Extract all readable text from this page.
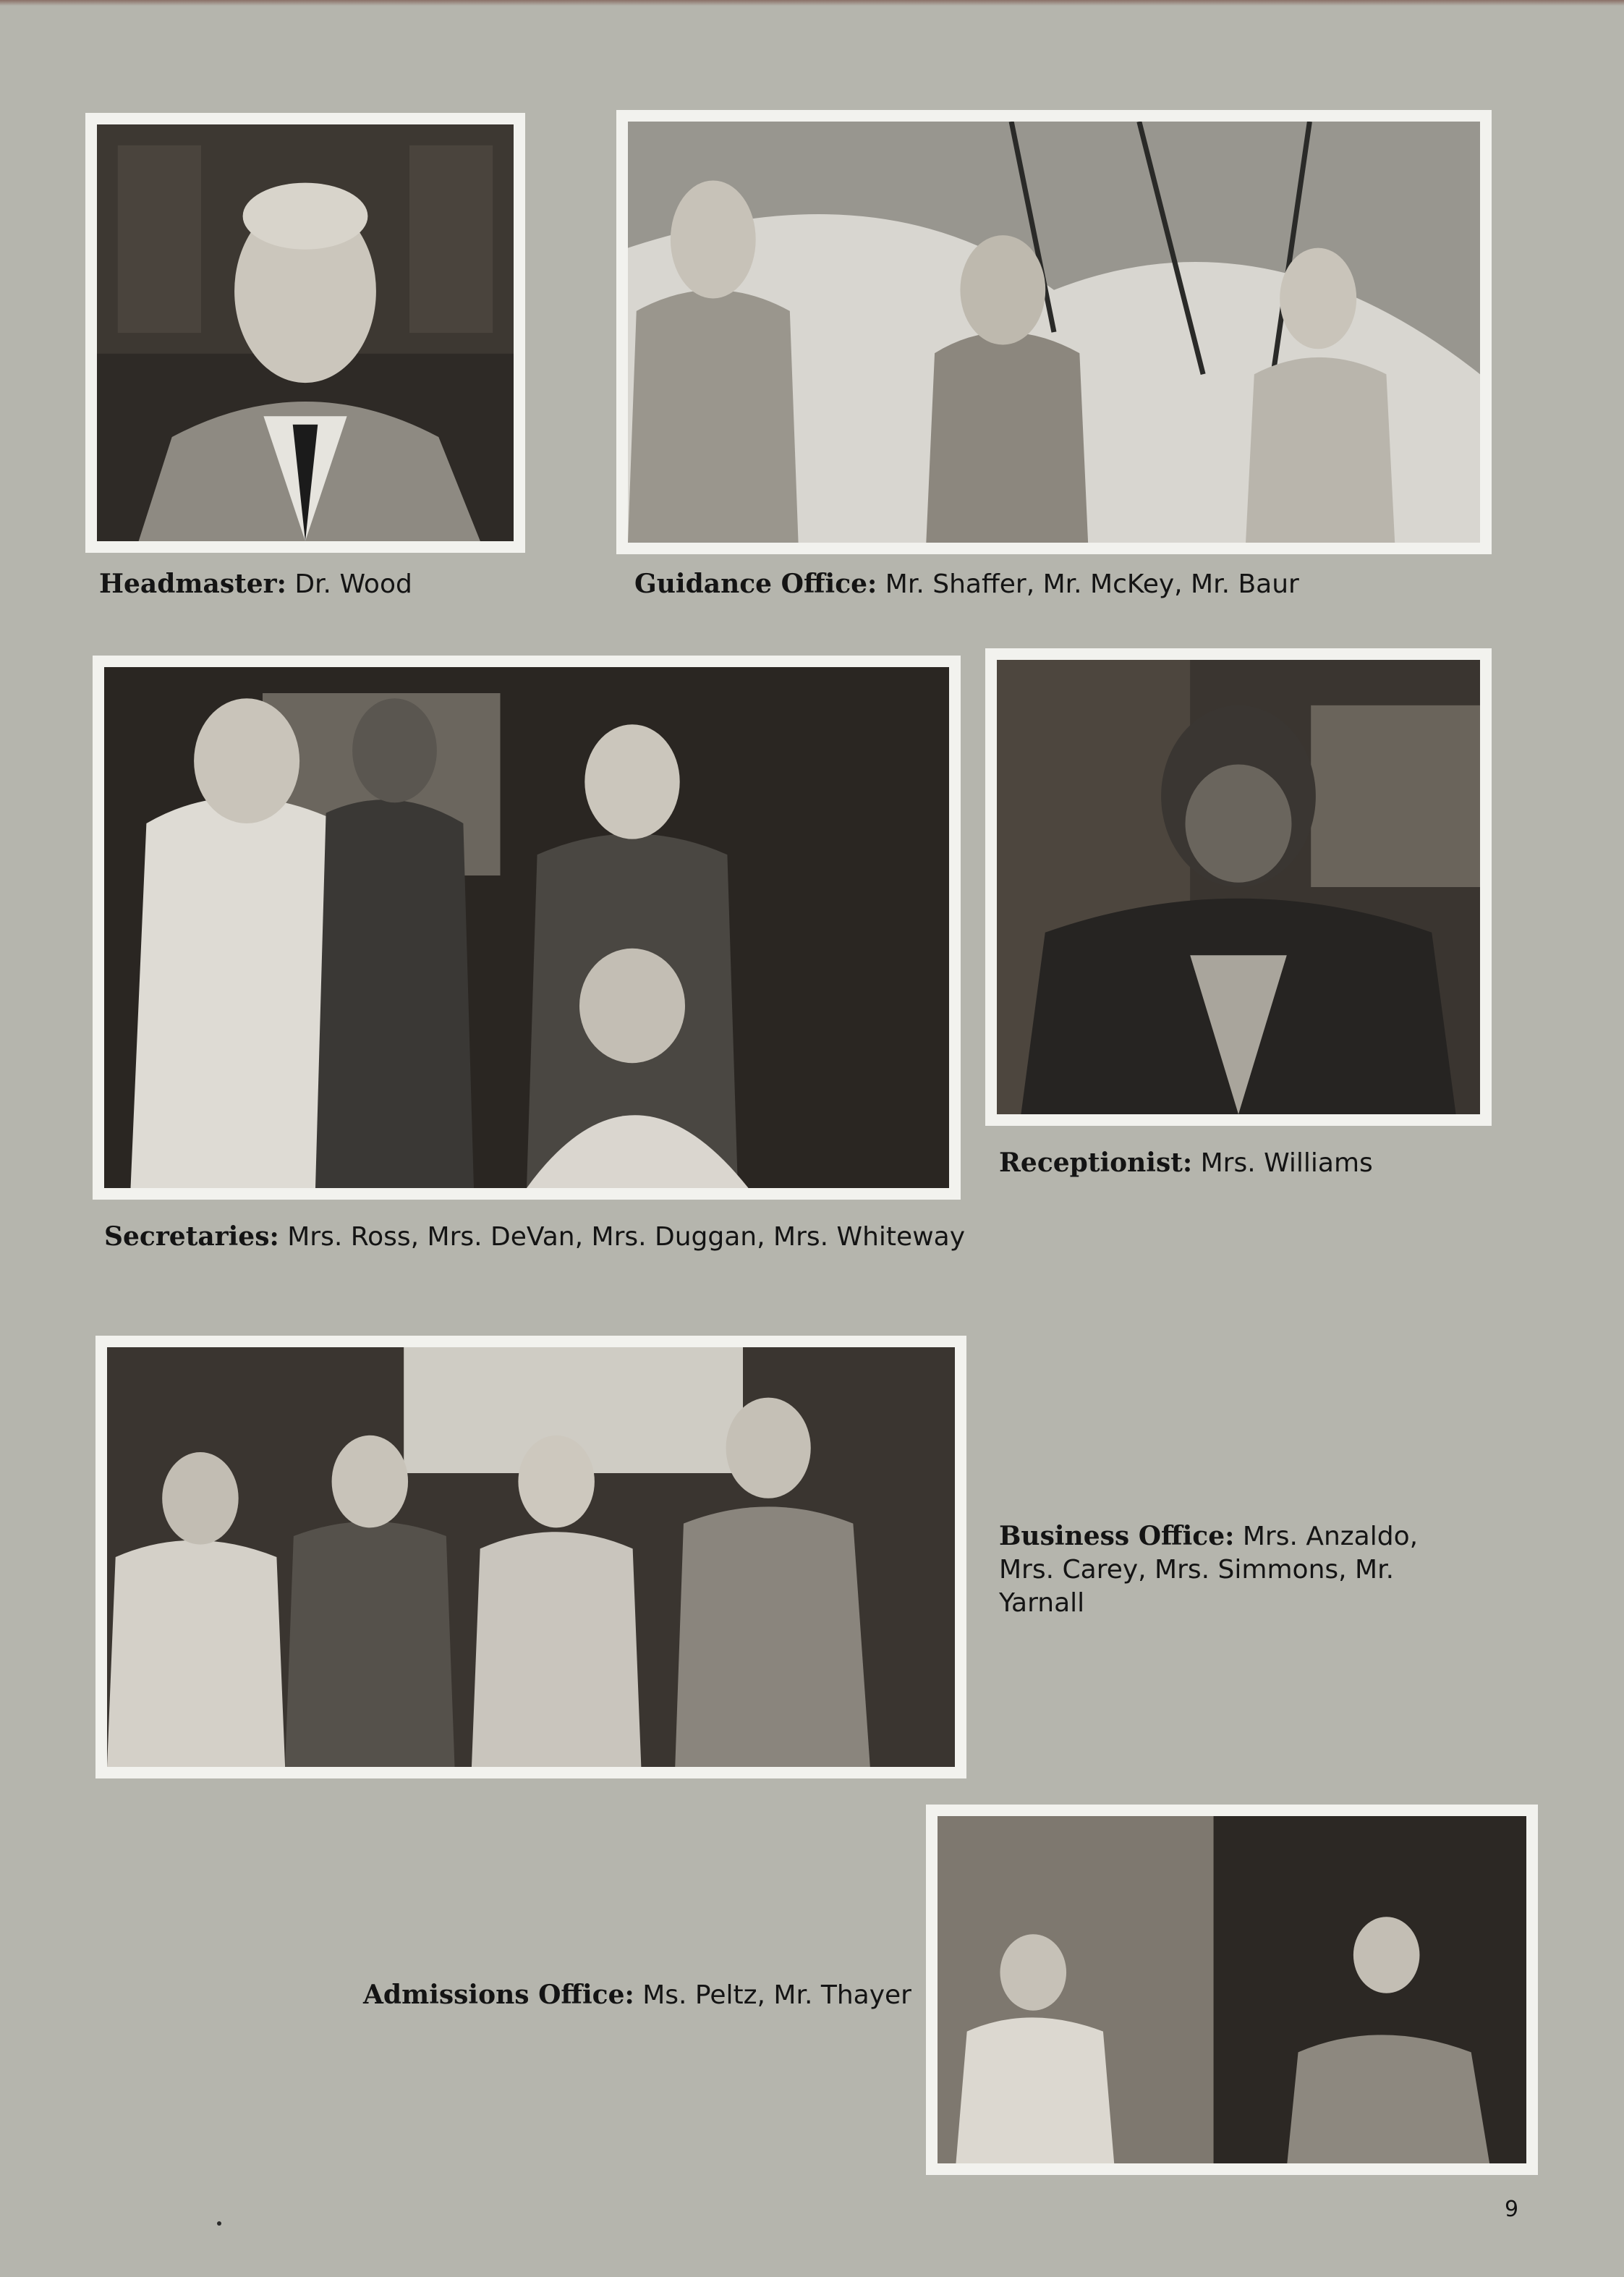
Headmaster: Dr. Wood	Guidance Office: Mr. Shaffer, Mr. McKey, Mr. Baur
Receptionist: Mrs. Williams
Secretaries: Mrs. Ross, Mrs. DeVan, Mrs. Duggan, Mrs. Whiteway
Business Office: Mrs. Anzaldo, Mrs. Carey, Mrs. Simmons, Mr. Yarnall
Admissions Office: Ms. Peltz, Mr. Thayer
9
